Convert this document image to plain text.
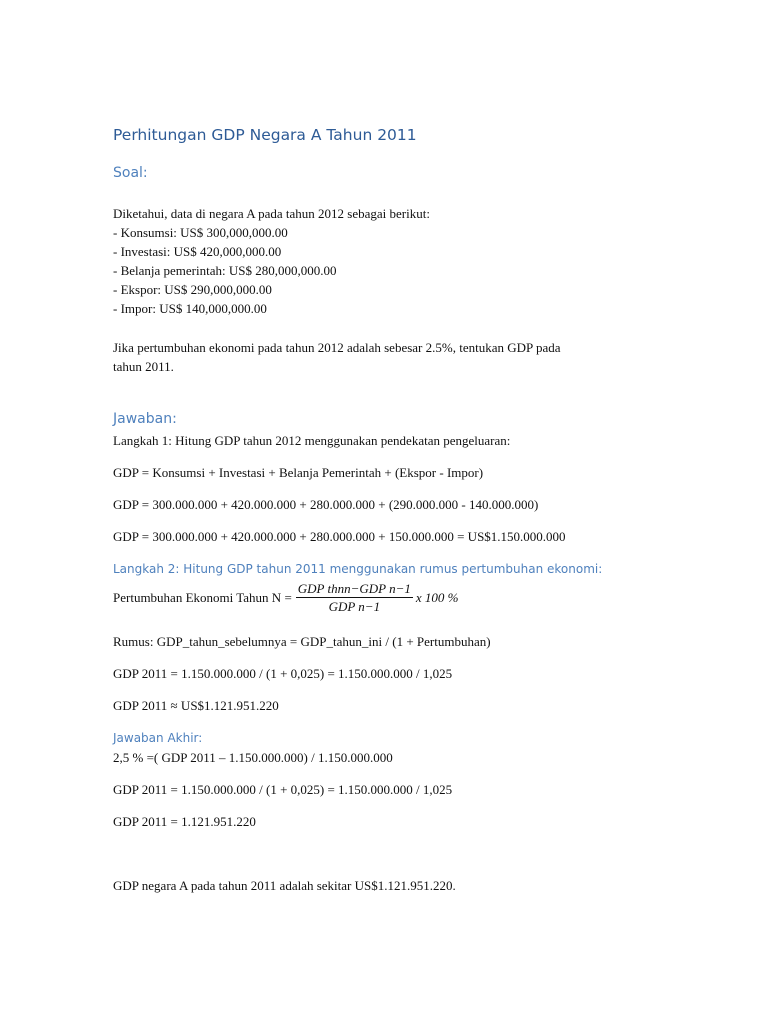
Perhitungan GDP Negara A Tahun 2011
Soal:
Diketahui, data di negara A pada tahun 2012 sebagai berikut:
- Konsumsi: US$ 300,000,000.00
- Investasi: US$ 420,000,000.00
- Belanja pemerintah: US$ 280,000,000.00
- Ekspor: US$ 290,000,000.00
- Impor: US$ 140,000,000.00
Jika pertumbuhan ekonomi pada tahun 2012 adalah sebesar 2.5%, tentukan GDP pada
tahun 2011.
Jawaban:
Langkah 1: Hitung GDP tahun 2012 menggunakan pendekatan pengeluaran:
GDP = Konsumsi + Investasi + Belanja Pemerintah + (Ekspor - Impor)
GDP = 300.000.000 + 420.000.000 + 280.000.000 + (290.000.000 - 140.000.000)
GDP = 300.000.000 + 420.000.000 + 280.000.000 + 150.000.000 = US$1.150.000.000
Langkah 2: Hitung GDP tahun 2011 menggunakan rumus pertumbuhan ekonomi:
Pertumbuhan Ekonomi Tahun $N = \frac{\text{GDP thnn−GDP n−1}}{\text{GDP n−1}}$ x 100 %
Rumus: GDP_tahun_sebelumnya = GDP_tahun_ini / (1 + Pertumbuhan)
GDP 2011 = 1.150.000.000 / (1 + 0,025) = 1.150.000.000 / 1,025
GDP 2011 ≈ US$1.121.951.220
Jawaban Akhir:
2,5 % =( GDP 2011 – 1.150.000.000) / 1.150.000.000
GDP 2011 = 1.150.000.000 / (1 + 0,025) = 1.150.000.000 / 1,025
GDP 2011 = 1.121.951.220
GDP negara A pada tahun 2011 adalah sekitar US$1.121.951.220.
